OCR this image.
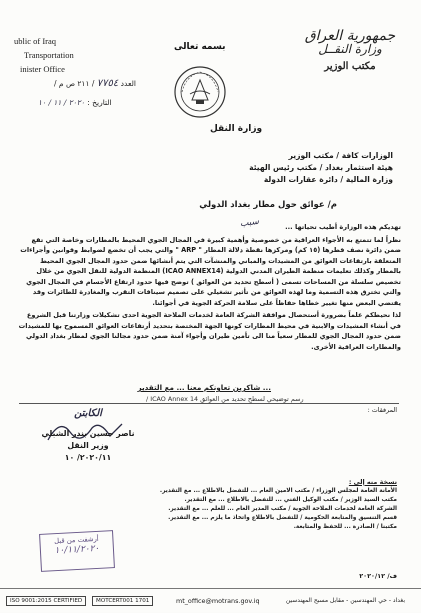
جمهورية العراق
وزارة النقــل
مكتب الوزير
بسمه تعالى
وزارة النقل
ublic of Iraq
Transportation
inister Office
العدد ٧٧٥٤ / ٢١١ ص م /
التاريخ : ٢٠٢٠ / ١١ / ١٠
الوزارات كافة / مكتب الوزير
هيئة استثمار بغداد / مكتب رئيس الهيئة
وزارة المالية / دائرة عقارات الدولة
م/ عوائق حول مطار بغداد الدولي
سبب	تهديكم هذه الوزارة أطيب تحياتها ...

نظراً لما تتمتع به الأجواء العراقية من خصوصية وأهمية كبيرة في المجال الجوي المحيط بالمطارات وخاصة التي تقع ضمن دائرة نصف قطرها (١٥ كم) ومركزها نقطة دلالة المطار " ARP " والتي يجب أن تخضع لضوابط وقوانين وأجراءات المتعلقة بارتفاعات العوائق من المشيدات والمباني والمنشآت التي يتم أنشائها ضمن حدود المجال الجوي المحيط بالمطار وكذلك تعليمات منظمة الطيران المدني الدولية (ICAO ANNEX14) المنظمة الدولية للنقل الجوي من خلال تخصيص سلسلة من المساحات تسمى ( أسطح تحديد من العوائق ) توضح فيها حدود ارتفاع الأجسام في المجال الجوي والتي تخترق هذه التسمية وما لهذه العوائق من تأثير تشغيلي على تصميم سيناقات التقرب والمغادرة للطائرات وقد يقتضي البعض منها تغيير خطاها حفاظاً على سلامة الحركة الجوية في أجوائنا.

لذا نحيطكم علماً بضرورة أستحصال موافقة الشركة العامة لخدمات الملاحة الجوية احدى تشكيلات وزارتنا قبل الشروع في أنشاء المشيدات والابنية في محيط المطارات كونها الجهة المختصة بتحديد أرتفاعات العوائق المسموح بها للمشيدات ضمن حدود المجال الجوي للمطار سعياً منا الى تأمين طيران وأجواء آمنة ضمن حدود مجالنا الجوي لمطار بغداد الدولي والمطارات العراقية الأخرى.

... شاكرين تعاونكم معنا ... مع التقدير
رسم توضيحي لسطح تحديد من العوائق ICAO Annex 14 /
المرفقات :
الكابتن
ناصر حسين بندر الشبلي
وزير النقل
٢٠٢٠/١١/ ١٠
نسخة منه إلى :
الأمانة العامة لمجلس الوزراء / مكتب الامين العام ... للتفضل بالاطلاع ... مع التقدير.
مكتب السيد الوزير / مكتب الوكيل الفني ... للتفضل بالاطلاع ... مع التقدير.
الشركة العامة لخدمات الملاحة الجوية / مكتب المدير العام ... للعلم ... مع التقدير.
قسم التنسيق والمتابعة الحكومية / للتفضل بالاطلاع واتخاذ ما يلزم ... مع التقدير.
مكتبنا / الصادرة ... للحفظ والمتابعة.
ف/ ٢٠٢٠/١٢
أرشفت من قبل
١٠/١١/٢٠٢٠
ISO 9001:2015 CERTIFIED	MOTCERT001 1701	mt_office@motrans.gov.iq	بغداد - حي المهندسين - مقابل مسبح المهندسين
